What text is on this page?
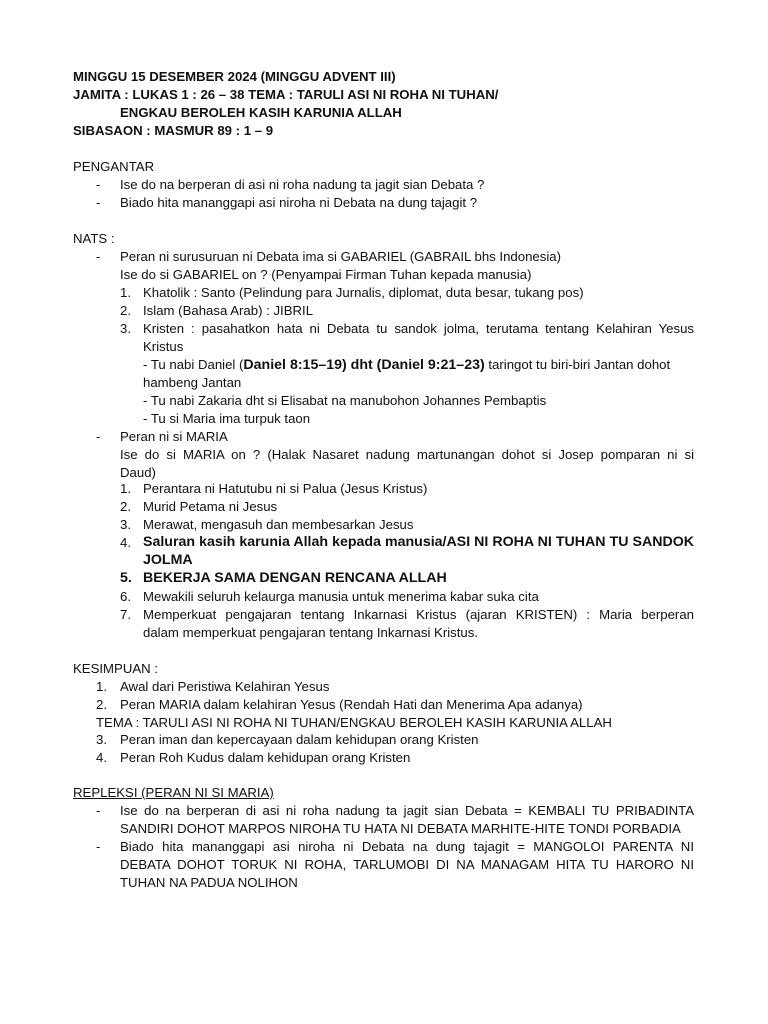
MINGGU 15 DESEMBER 2024 (MINGGU ADVENT III)
JAMITA : LUKAS 1 : 26 – 38 TEMA : TARULI ASI NI ROHA NI TUHAN/
ENGKAU BEROLEH KASIH KARUNIA ALLAH
SIBASAON : MASMUR 89 : 1 – 9
PENGANTAR
- Ise do na berperan di asi ni roha nadung ta jagit sian Debata ?
- Biado hita mananggapi asi niroha ni Debata na dung tajagit ?
NATS :
- Peran ni surusuruan ni Debata ima si GABARIEL (GABRAIL bhs Indonesia)
Ise do si GABARIEL on ? (Penyampai Firman Tuhan kepada manusia)
1. Khatolik : Santo (Pelindung para Jurnalis, diplomat, duta besar, tukang pos)
2. Islam (Bahasa Arab) : JIBRIL
3. Kristen : pasahatkon hata ni Debata tu sandok jolma, terutama tentang Kelahiran Yesus
Kristus
- Tu nabi Daniel (Daniel 8:15–19) dht (Daniel 9:21–23) taringot tu biri-biri Jantan dohot
hambeng Jantan
- Tu nabi Zakaria dht si Elisabat na manubohon Johannes Pembaptis
- Tu si Maria ima turpuk taon
- Peran ni si MARIA
Ise do si MARIA on ? (Halak Nasaret nadung martunangan dohot si Josep pomparan ni si
Daud)
1. Perantara ni Hatutubu ni si Palua (Jesus Kristus)
2. Murid Petama ni Jesus
3. Merawat, mengasuh dan membesarkan Jesus
4. Saluran kasih karunia Allah kepada manusia/ASI NI ROHA NI TUHAN TU SANDOK
JOLMA
5. BEKERJA SAMA DENGAN RENCANA ALLAH
6. Mewakili seluruh kelaurga manusia untuk menerima kabar suka cita
7. Memperkuat pengajaran tentang Inkarnasi Kristus (ajaran KRISTEN) : Maria berperan
dalam memperkuat pengajaran tentang Inkarnasi Kristus.
KESIMPUAN :
1. Awal dari Peristiwa Kelahiran Yesus
2. Peran MARIA dalam kelahiran Yesus (Rendah Hati dan Menerima Apa adanya)
TEMA : TARULI ASI NI ROHA NI TUHAN/ENGKAU BEROLEH KASIH KARUNIA ALLAH
3. Peran iman dan kepercayaan dalam kehidupan orang Kristen
4. Peran Roh Kudus dalam kehidupan orang Kristen
REPLEKSI (PERAN NI SI MARIA)
- Ise do na berperan di asi ni roha nadung ta jagit sian Debata = KEMBALI TU PRIBADINTA
SANDIRI DOHOT MARPOS NIROHA TU HATA NI DEBATA MARHITE-HITE TONDI PORBADIA
- Biado hita mananggapi asi niroha ni Debata na dung tajagit = MANGOLOI PARENTA NI
DEBATA DOHOT TORUK NI ROHA, TARLUMOBI DI NA MANAGAM HITA TU HARORO NI
TUHAN NA PADUA NOLIHON
